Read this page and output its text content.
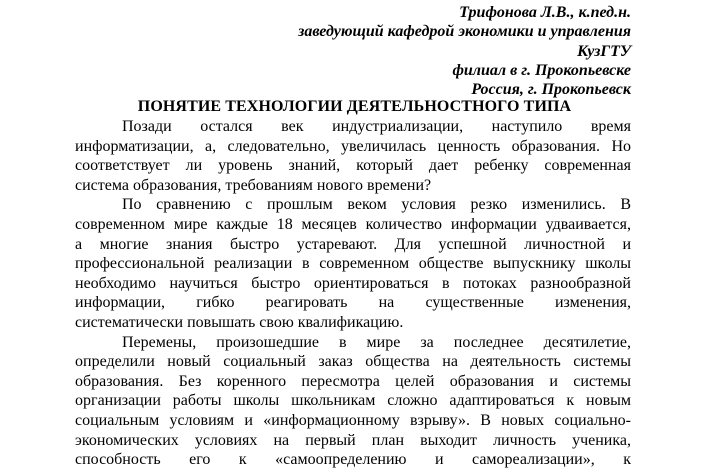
Трифонова Л.В., к.пед.н.
заведующий кафедрой экономики и управления
КузГТУ
филиал в г. Прокопьевске
Россия, г. Прокопьевск
ПОНЯТИЕ ТЕХНОЛОГИИ ДЕЯТЕЛЬНОСТНОГО ТИПА
Позади остался век индустриализации, наступило время
информатизации, а, следовательно, увеличилась ценность образования. Но
соответствует ли уровень знаний, который дает ребенку современная
система образования, требованиям нового времени?
По сравнению с прошлым веком условия резко изменились. В
современном мире каждые 18 месяцев количество информации удваивается,
а многие знания быстро устаревают. Для успешной личностной и
профессиональной реализации в современном обществе выпускнику школы
необходимо научиться быстро ориентироваться в потоках разнообразной
информации, гибко реагировать на существенные изменения,
систематически повышать свою квалификацию.
Перемены, произошедшие в мире за последнее десятилетие,
определили новый социальный заказ общества на деятельность системы
образования. Без коренного пересмотра целей образования и системы
организации работы школы школьникам сложно адаптироваться к новым
социальным условиям и «информационному взрыву». В новых социально-
экономических условиях на первый план выходит личность ученика,
способность его к «самоопределению и самореализации», к
